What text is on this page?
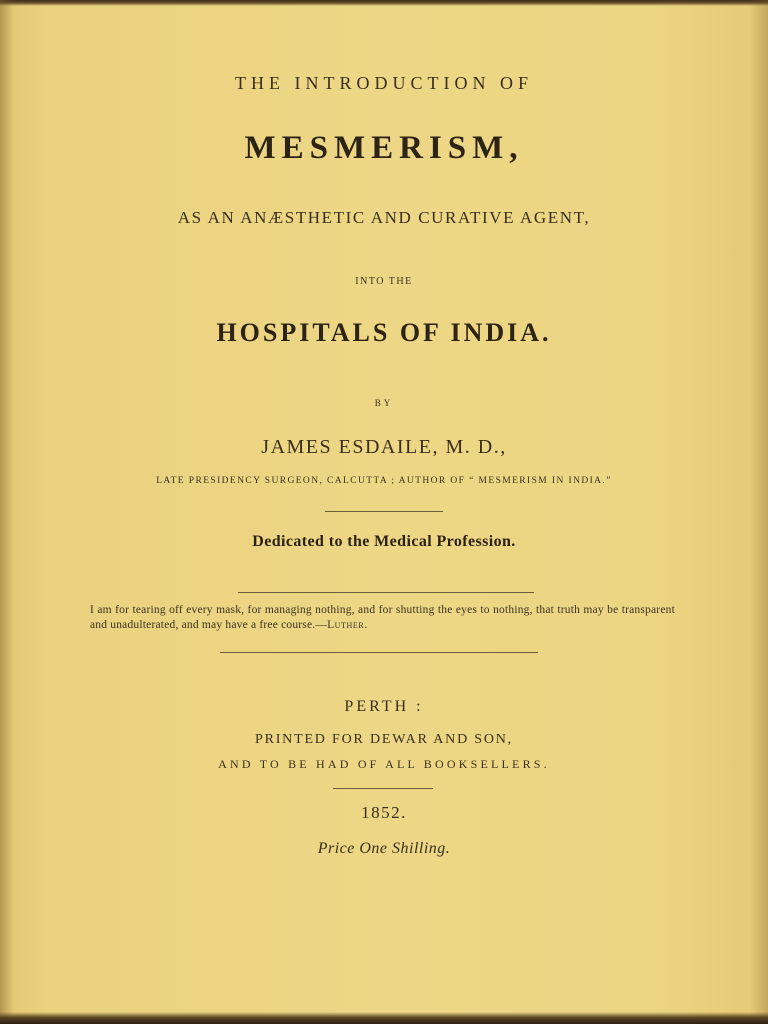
THE INTRODUCTION OF
MESMERISM,
AS AN ANÆSTHETIC AND CURATIVE AGENT,
INTO THE
HOSPITALS OF INDIA.
BY
JAMES ESDAILE, M. D.,
LATE PRESIDENCY SURGEON, CALCUTTA ; AUTHOR OF “ MESMERISM IN INDIA.”
Dedicated to the Medical Profession.
I am for tearing off every mask, for managing nothing, and for shutting the eyes to nothing, that truth may be transparent and unadulterated, and may have a free course.—Luther.
PERTH :
PRINTED FOR DEWAR AND SON,
AND TO BE HAD OF ALL BOOKSELLERS.
1852.
Price One Shilling.
